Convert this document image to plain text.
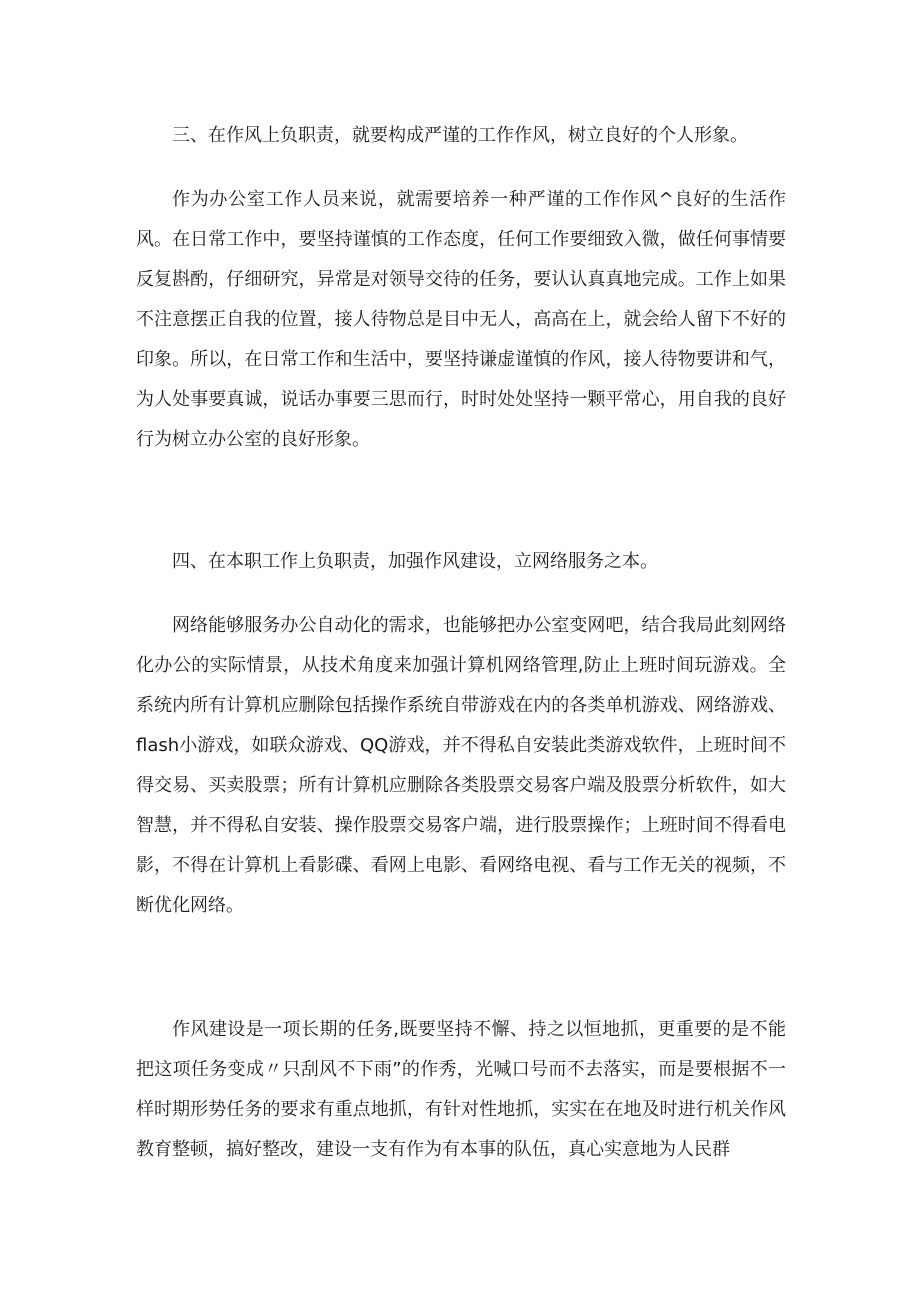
三、在作风上负职责，就要构成严谨的工作作风，树立良好的个人形象。

作为办公室工作人员来说，就需要培养一种严谨的工作作风^良好的生活作风。在日常工作中，要坚持谨慎的工作态度，任何工作要细致入微，做任何事情要反复斟酌，仔细研究，异常是对领导交待的任务，要认认真真地完成。工作上如果不注意摆正自我的位置，接人待物总是目中无人，高高在上，就会给人留下不好的印象。所以，在日常工作和生活中，要坚持谦虚谨慎的作风，接人待物要讲和气，为人处事要真诚，说话办事要三思而行，时时处处坚持一颗平常心，用自我的良好行为树立办公室的良好形象。

四、在本职工作上负职责，加强作风建设，立网络服务之本。

网络能够服务办公自动化的需求，也能够把办公室变网吧，结合我局此刻网络化办公的实际情景，从技术角度来加强计算机网络管理,防止上班时间玩游戏。全系统内所有计算机应删除包括操作系统自带游戏在内的各类单机游戏、网络游戏、flash小游戏，如联众游戏、QQ游戏，并不得私自安装此类游戏软件，上班时间不得交易、买卖股票；所有计算机应删除各类股票交易客户端及股票分析软件，如大智慧，并不得私自安装、操作股票交易客户端，进行股票操作；上班时间不得看电影，不得在计算机上看影碟、看网上电影、看网络电视、看与工作无关的视频，不断优化网络。

作风建设是一项长期的任务,既要坚持不懈、持之以恒地抓，更重要的是不能把这项任务变成〃只刮风不下雨”的作秀，光喊口号而不去落实，而是要根据不一样时期形势任务的要求有重点地抓，有针对性地抓，实实在在地及时进行机关作风教育整顿，搞好整改，建设一支有作为有本事的队伍，真心实意地为人民群
